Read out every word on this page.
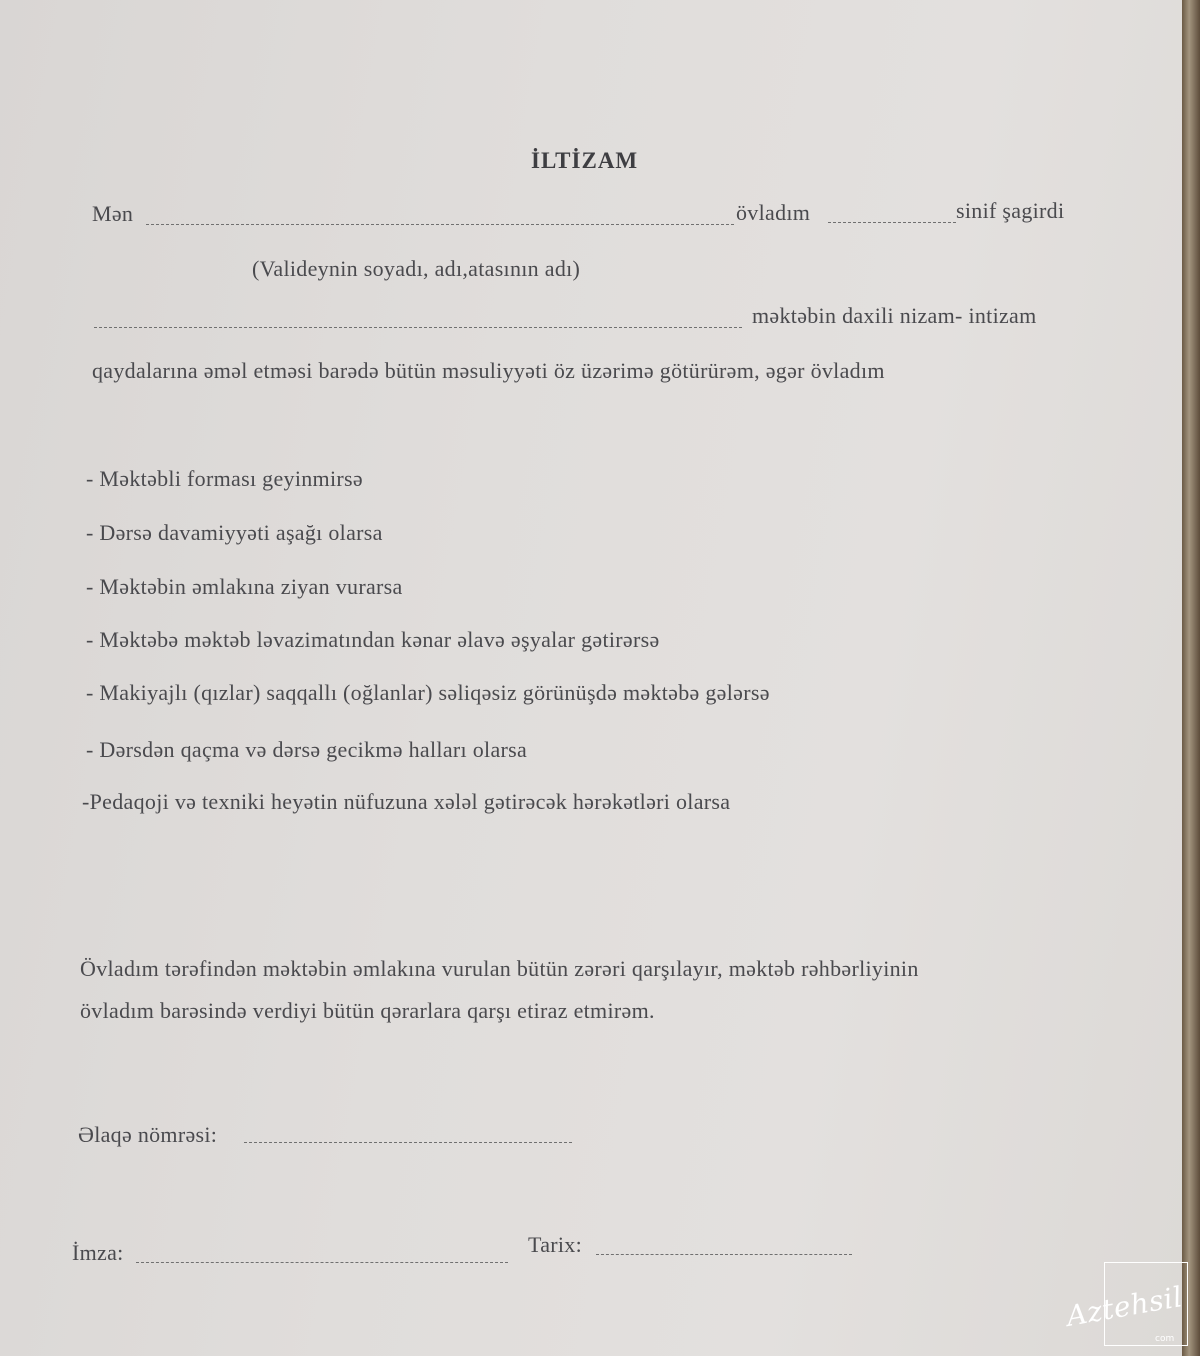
İLTİZAM
Mən	övladım	sinif şagirdi
(Validеynin soyadı, adı,atasının adı)
məktəbin daxili nizam- intizam
qaydalarına əməl etməsi barədə bütün məsuliyyəti öz üzərimə götürürəm, əgər övladım
- Məktəbli forması geyinmirsə
- Dərsə davamiyyəti aşağı olarsa
- Məktəbin əmlakına ziyan vurarsa
- Məktəbə məktəb ləvazimatından kənar əlavə əşyalar gətirərsə
- Makiyajlı (qızlar) saqqallı (oğlanlar) səliqəsiz görünüşdə məktəbə gələrsə
- Dərsdən qaçma və dərsə gecikmə halları olarsa
-Pedaqoji və texniki heyətin nüfuzuna xələl gətirəcək hərəkətləri olarsa
Övladım tərəfindən məktəbin əmlakına vurulan bütün zərəri qarşılayır, məktəb rəhbərliyinin
övladım barəsində verdiyi bütün qərarlara qarşı etiraz etmirəm.
Əlaqə nömrəsi:
İmza:	Tarix:
Aztehsil
com
